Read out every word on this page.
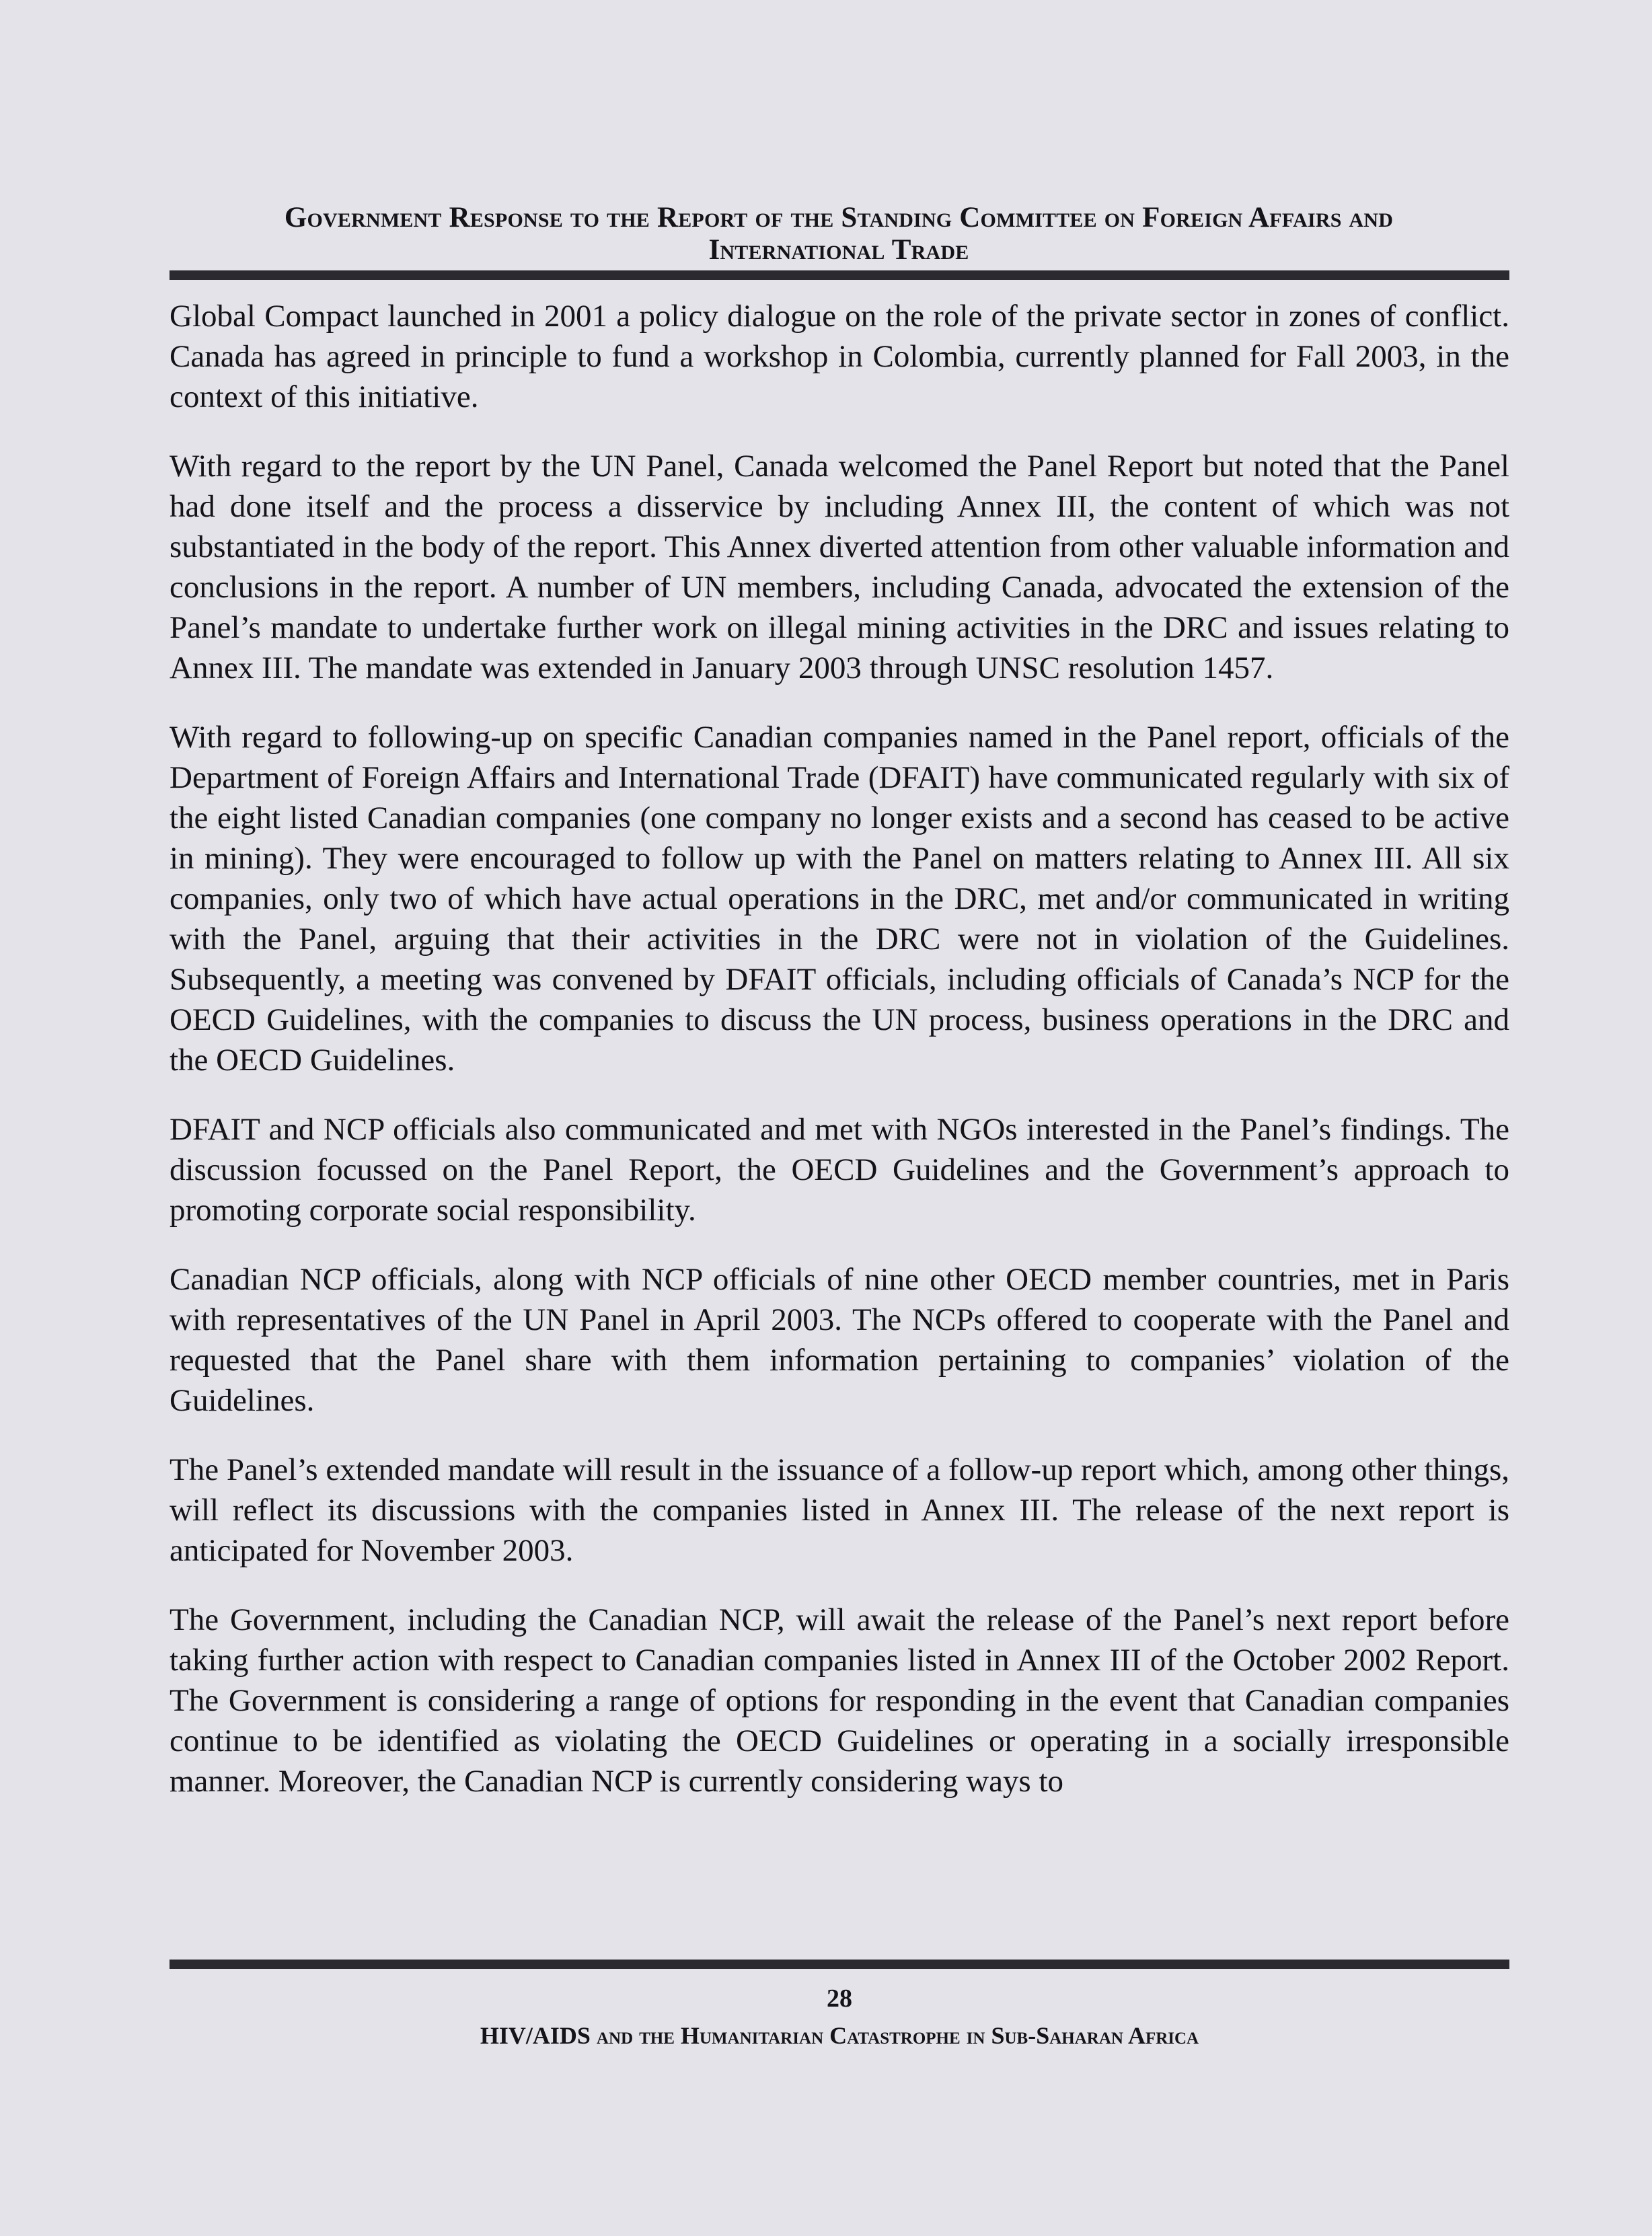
Government Response to the Report of the Standing Committee on Foreign Affairs and
International Trade

Global Compact launched in 2001 a policy dialogue on the role of the private sector in zones of conflict. Canada has agreed in principle to fund a workshop in Colombia, currently planned for Fall 2003, in the context of this initiative.

With regard to the report by the UN Panel, Canada welcomed the Panel Report but noted that the Panel had done itself and the process a disservice by including Annex III, the content of which was not substantiated in the body of the report. This Annex diverted attention from other valuable information and conclusions in the report. A number of UN members, including Canada, advocated the extension of the Panel’s mandate to undertake further work on illegal mining activities in the DRC and issues relating to Annex III. The mandate was extended in January 2003 through UNSC resolution 1457.

With regard to following-up on specific Canadian companies named in the Panel report, officials of the Department of Foreign Affairs and International Trade (DFAIT) have communicated regularly with six of the eight listed Canadian companies (one company no longer exists and a second has ceased to be active in mining). They were encouraged to follow up with the Panel on matters relating to Annex III. All six companies, only two of which have actual operations in the DRC, met and/or communicated in writing with the Panel, arguing that their activities in the DRC were not in violation of the Guidelines. Subsequently, a meeting was convened by DFAIT officials, including officials of Canada’s NCP for the OECD Guidelines, with the companies to discuss the UN process, business operations in the DRC and the OECD Guidelines.

DFAIT and NCP officials also communicated and met with NGOs interested in the Panel’s findings. The discussion focussed on the Panel Report, the OECD Guidelines and the Government’s approach to promoting corporate social responsibility.

Canadian NCP officials, along with NCP officials of nine other OECD member countries, met in Paris with representatives of the UN Panel in April 2003. The NCPs offered to cooperate with the Panel and requested that the Panel share with them information pertaining to companies’ violation of the Guidelines.

The Panel’s extended mandate will result in the issuance of a follow-up report which, among other things, will reflect its discussions with the companies listed in Annex III. The release of the next report is anticipated for November 2003.

The Government, including the Canadian NCP, will await the release of the Panel’s next report before taking further action with respect to Canadian companies listed in Annex III of the October 2002 Report. The Government is considering a range of options for responding in the event that Canadian companies continue to be identified as violating the OECD Guidelines or operating in a socially irresponsible manner. Moreover, the Canadian NCP is currently considering ways to

28
HIV/AIDS and the Humanitarian Catastrophe in Sub-Saharan Africa
